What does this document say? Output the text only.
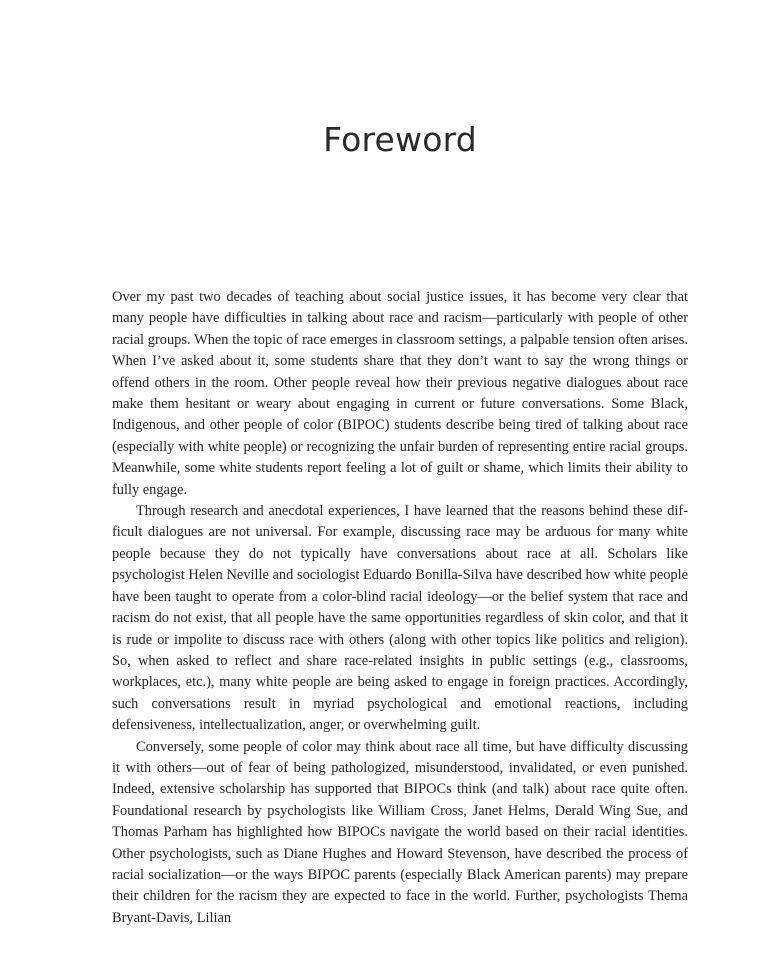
Foreword

Over my past two decades of teaching about social justice issues, it has become very clear that many people have difficulties in talking about race and racism—particularly with people of other racial groups. When the topic of race emerges in classroom settings, a palpable tension often arises. When I’ve asked about it, some students share that they don’t want to say the wrong things or offend others in the room. Other people reveal how their previous negative dialogues about race make them hesitant or weary about engaging in current or future conversations. Some Black, Indigenous, and other people of color (BIPOC) students describe being tired of talking about race (especially with white people) or recognizing the unfair burden of representing entire racial groups. Meanwhile, some white students report feeling a lot of guilt or shame, which limits their ability to fully engage.

Through research and anecdotal experiences, I have learned that the reasons behind these difficult dialogues are not universal. For example, discussing race may be arduous for many white people because they do not typically have conversations about race at all. Scholars like psychologist Helen Neville and sociologist Eduardo Bonilla-Silva have described how white people have been taught to operate from a color-blind racial ideology—or the belief system that race and racism do not exist, that all people have the same opportunities regardless of skin color, and that it is rude or impolite to discuss race with others (along with other topics like politics and religion). So, when asked to reflect and share race-related insights in public settings (e.g., classrooms, workplaces, etc.), many white people are being asked to engage in foreign practices. Accordingly, such conversations result in myriad psychological and emotional reactions, including defensiveness, intellectualization, anger, or overwhelming guilt.

Conversely, some people of color may think about race all time, but have difficulty discussing it with others—out of fear of being pathologized, misunderstood, invalidated, or even punished. Indeed, extensive scholarship has supported that BIPOCs think (and talk) about race quite often. Foundational research by psychologists like William Cross, Janet Helms, Derald Wing Sue, and Thomas Parham has highlighted how BIPOCs navigate the world based on their racial identities. Other psychologists, such as Diane Hughes and Howard Stevenson, have described the process of racial socialization—or the ways BIPOC parents (especially Black American parents) may prepare their children for the racism they are expected to face in the world. Further, psychologists Thema Bryant-Davis, Lilian
